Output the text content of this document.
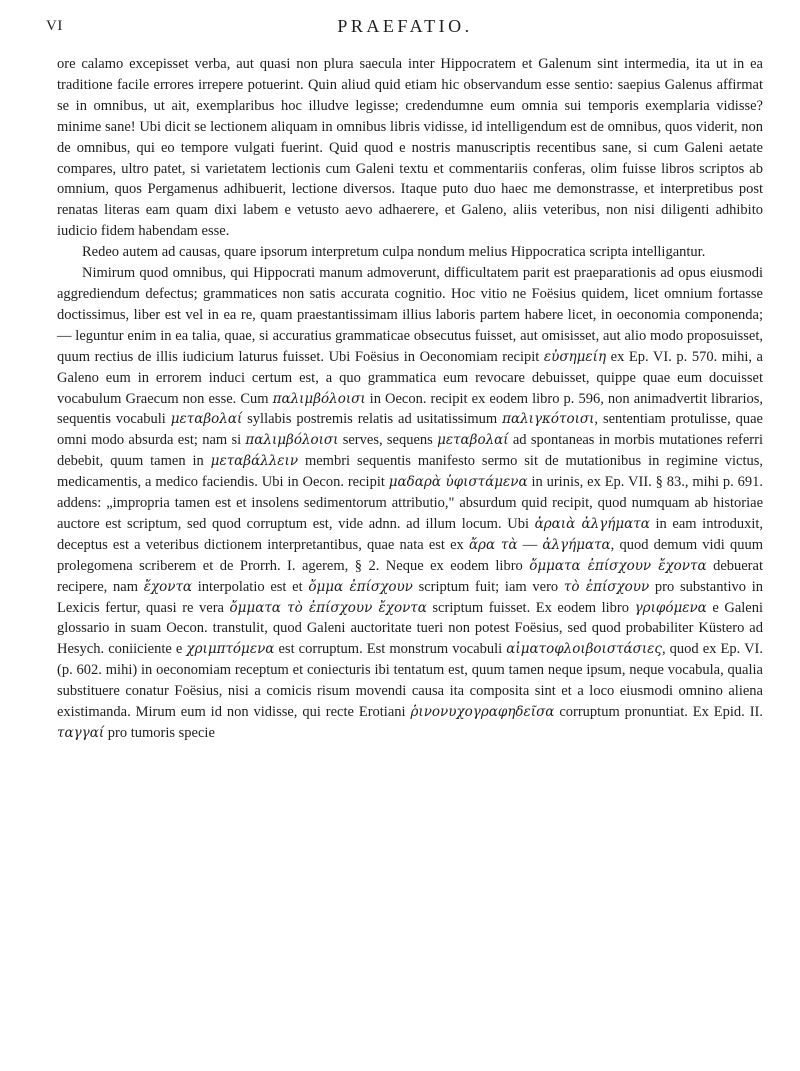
VI	PRAEFATIO.

ore calamo excepisset verba, aut quasi non plura saecula inter Hippocratem et Galenum sint intermedia, ita ut in ea traditione facile errores irrepere potuerint. Quin aliud quid etiam hic observandum esse sentio: saepius Galenus affirmat se in omnibus, ut ait, exemplaribus hoc illudve legisse; credendumne eum omnia sui temporis exemplaria vidisse? minime sane! Ubi dicit se lectionem aliquam in omnibus libris vidisse, id intelligendum est de omnibus, quos viderit, non de omnibus, qui eo tempore vulgati fuerint. Quid quod e nostris manuscriptis recentibus sane, si cum Galeni aetate compares, ultro patet, si varietatem lectionis cum Galeni textu et commentariis conferas, olim fuisse libros scriptos ab omnium, quos Pergamenus adhibuerit, lectione diversos. Itaque puto duo haec me demonstrasse, et interpretibus post renatas literas eam quam dixi labem e vetusto aevo adhaerere, et Galeno, aliis veteribus, non nisi diligenti adhibito iudicio fidem habendam esse.

Redeo autem ad causas, quare ipsorum interpretum culpa nondum melius Hippocratica scripta intelligantur.

Nimirum quod omnibus, qui Hippocrati manum admoverunt, difficultatem parit est praeparationis ad opus eiusmodi aggrediendum defectus; grammatices non satis accurata cognitio. Hoc vitio ne Foësius quidem, licet omnium fortasse doctissimus, liber est vel in ea re, quam praestantissimam illius laboris partem habere licet, in oeconomia componenda; — leguntur enim in ea talia, quae, si accuratius grammaticae obsecutus fuisset, aut omisisset, aut alio modo proposuisset, quum rectius de illis iudicium laturus fuisset. Ubi Foësius in Oeconomiam recipit εὐσημείη ex Ep. VI. p. 570. mihi, a Galeno eum in errorem induci certum est, a quo grammatica eum revocare debuisset, quippe quae eum docuisset vocabulum Graecum non esse. Cum παλιμβόλοισι in Oecon. recipit ex eodem libro p. 596, non animadvertit librarios, sequentis vocabuli μεταβολαί syllabis postremis relatis ad usitatissimum παλιγκότοισι, sententiam protulisse, quae omni modo absurda est; nam si παλιμβόλοισι serves, sequens μεταβολαί ad spontaneas in morbis mutationes referri debebit, quum tamen in μεταβάλλειν membri sequentis manifesto sermo sit de mutationibus in regimine victus, medicamentis, a medico faciendis. Ubi in Oecon. recipit μαδαρὰ ὑφιστάμενα in urinis, ex Ep. VII. § 83., mihi p. 691. addens: „impropria tamen est et insolens sedimentorum attributio," absurdum quid recipit, quod numquam ab historiae auctore est scriptum, sed quod corruptum est, vide adnn. ad illum locum. Ubi ἀραιὰ ἀλγήματα in eam introduxit, deceptus est a veteribus dictionem interpretantibus, quae nata est ex ἄρα τὰ — ἀλγήματα, quod demum vidi quum prolegomena scriberem et de Prorrh. I. agerem, § 2. Neque ex eodem libro ὄμματα ἐπίσχουν ἔχοντα debuerat recipere, nam ἔχοντα interpolatio est et ὄμμα ἐπίσχουν scriptum fuit; iam vero τὸ ἐπίσχουν pro substantivo in Lexicis fertur, quasi re vera ὄμματα τὸ ἐπίσχουν ἔχοντα scriptum fuisset. Ex eodem libro γριφόμενα e Galeni glossario in suam Oecon. transtulit, quod Galeni auctoritate tueri non potest Foësius, sed quod probabiliter Küstero ad Hesych. coniiciente e χριμπτόμενα est corruptum. Est monstrum vocabuli αἱματοφλοιβοιστάσιες, quod ex Ep. VI. (p. 602. mihi) in oeconomiam receptum et coniecturis ibi tentatum est, quum tamen neque ipsum, neque vocabula, qualia substituere conatur Foësius, nisi a comicis risum movendi causa ita composita sint et a loco eiusmodi omnino aliena existimanda. Mirum eum id non vidisse, qui recte Erotiani ῥινονυχογραφηδεῖσα corruptum pronuntiat. Ex Epid. II. ταγγαί pro tumoris specie
